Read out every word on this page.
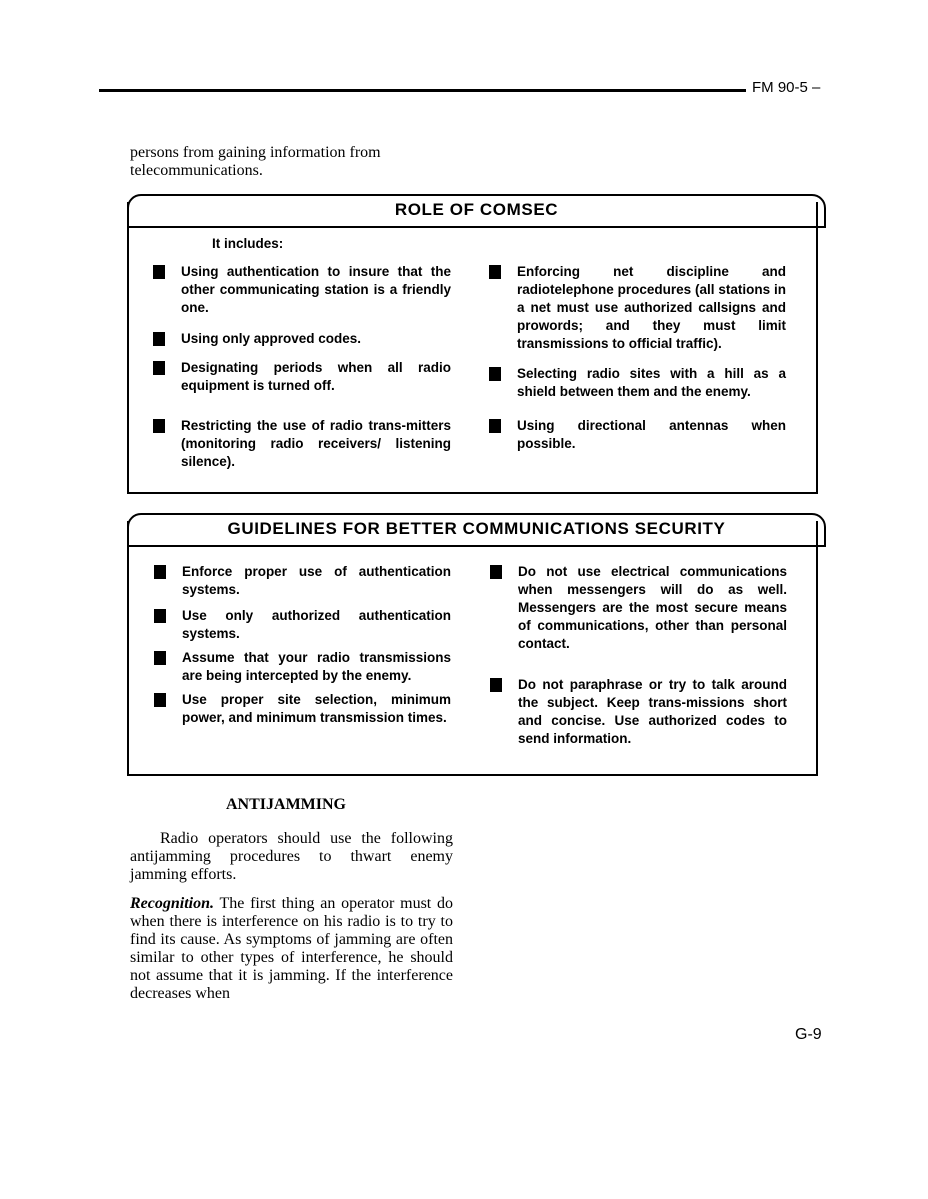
FM 90-5 –
persons from gaining information from telecommunications.
ROLE OF COMSEC
It includes:
Using authentication to insure that the other communicating station is a friendly one.
Using only approved codes.
Designating periods when all radio equipment is turned off.
Restricting the use of radio trans-mitters (monitoring radio receivers/ listening silence).
Enforcing net discipline and radiotelephone procedures (all stations in a net must use authorized callsigns and prowords; and they must limit transmissions to official traffic).
Selecting radio sites with a hill as a shield between them and the enemy.
Using directional antennas when possible.
GUIDELINES FOR BETTER COMMUNICATIONS SECURITY
Enforce proper use of authentication systems.
Use only authorized authentication systems.
Assume that your radio transmissions are being intercepted by the enemy.
Use proper site selection, minimum power, and minimum transmission times.
Do not use electrical communications when messengers will do as well. Messengers are the most secure means of communications, other than personal contact.
Do not paraphrase or try to talk around the subject. Keep trans-missions short and concise. Use authorized codes to send information.
ANTIJAMMING
Radio operators should use the following antijamming procedures to thwart enemy jamming efforts.
Recognition. The first thing an operator must do when there is interference on his radio is to try to find its cause. As symptoms of jamming are often similar to other types of interference, he should not assume that it is jamming. If the interference decreases when
G-9
